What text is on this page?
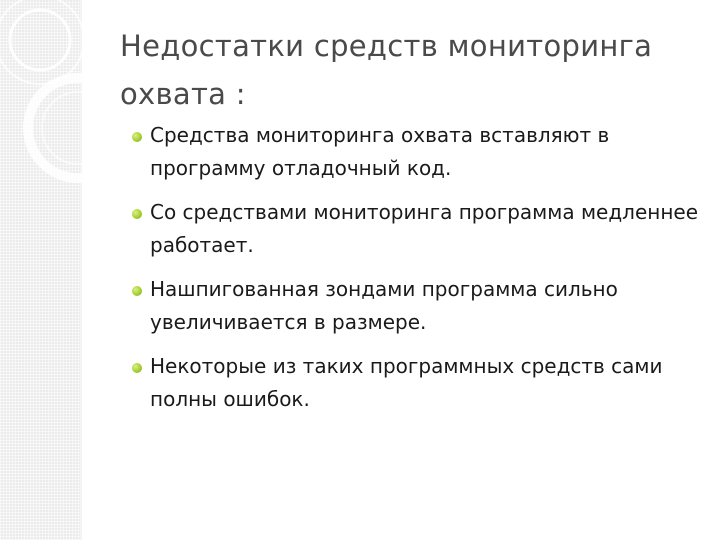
Недостатки средств мониторинга охвата :
Средства мониторинга охвата вставляют в программу отладочный код.
Со средствами мониторинга программа медленнее работает.
Нашпигованная зондами программа сильно увеличивается в размере.
Некоторые из таких программных средств сами полны ошибок.
